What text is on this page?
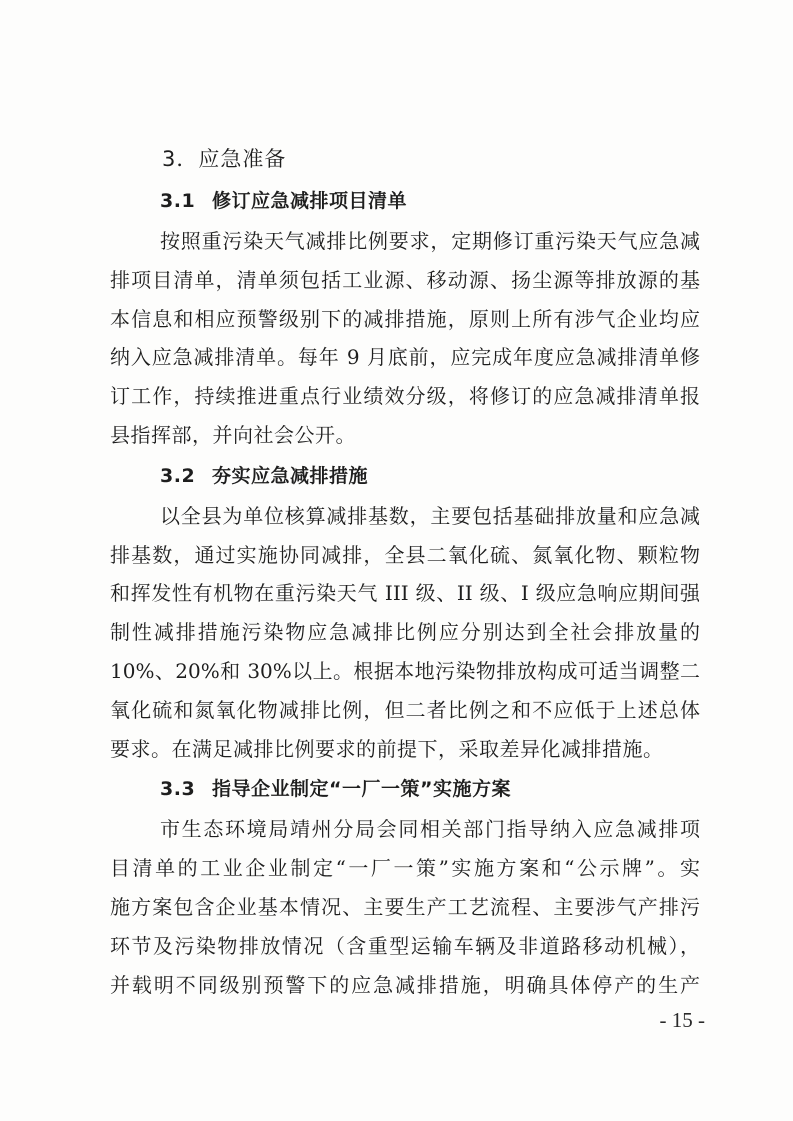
3．应急准备
3.1 修订应急减排项目清单
按照重污染天气减排比例要求，定期修订重污染天气应急减
排项目清单，清单须包括工业源、移动源、扬尘源等排放源的基
本信息和相应预警级别下的减排措施，原则上所有涉气企业均应
纳入应急减排清单。每年 9 月底前，应完成年度应急减排清单修
订工作，持续推进重点行业绩效分级，将修订的应急减排清单报
县指挥部，并向社会公开。
3.2 夯实应急减排措施
以全县为单位核算减排基数，主要包括基础排放量和应急减
排基数，通过实施协同减排，全县二氧化硫、氮氧化物、颗粒物
和挥发性有机物在重污染天气 III 级、II 级、I 级应急响应期间强
制性减排措施污染物应急减排比例应分别达到全社会排放量的
10%、20%和 30%以上。根据本地污染物排放构成可适当调整二
氧化硫和氮氧化物减排比例，但二者比例之和不应低于上述总体
要求。在满足减排比例要求的前提下，采取差异化减排措施。
3.3 指导企业制定“一厂一策”实施方案
市生态环境局靖州分局会同相关部门指导纳入应急减排项
目清单的工业企业制定“一厂一策”实施方案和“公示牌”。实
施方案包含企业基本情况、主要生产工艺流程、主要涉气产排污
环节及污染物排放情况（含重型运输车辆及非道路移动机械），
并载明不同级别预警下的应急减排措施，明确具体停产的生产
- 15 -
